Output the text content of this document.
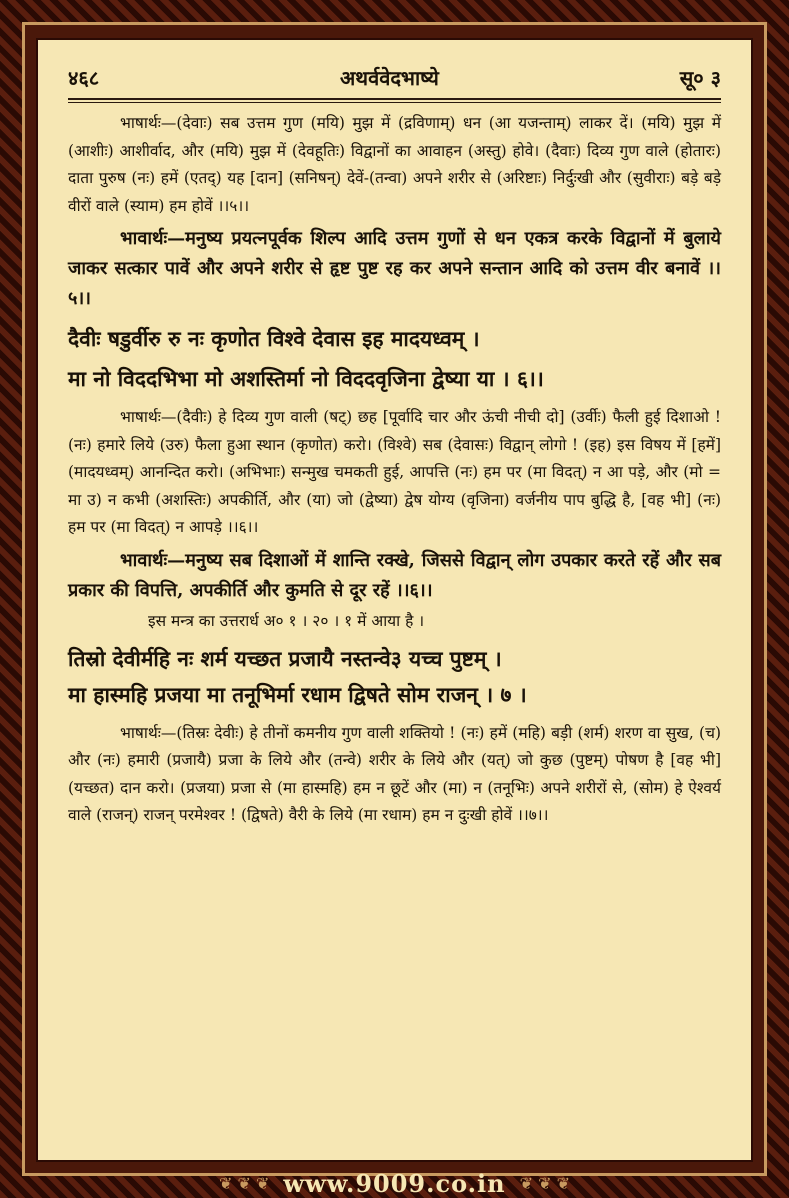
४६८	अथर्ववेदभाष्ये	सू० ३

भाषार्थः—(देवाः) सब उत्तम गुण (मयि) मुझ में (द्रविणाम्) धन (आ यजन्ताम्) लाकर दें। (मयि) मुझ में (आशीः) आशीर्वाद, और (मयि) मुझ में (देवहूतिः) विद्वानों का आवाहन (अस्तु) होवे। (दैवाः) दिव्य गुण वाले (होतारः) दाता पुरुष (नः) हमें (एतद्) यह [दान] (सनिषन्) देवें-(तन्वा) अपने शरीर से (अरिष्टाः) निर्दुःखी और (सुवीराः) बड़े बड़े वीरों वाले (स्याम) हम होवें ।।५।।

भावार्थः—मनुष्य प्रयत्नपूर्वक शिल्प आदि उत्तम गुणों से धन एकत्र करके विद्वानों में बुलाये जाकर सत्कार पावें और अपने शरीर से हृष्ट पुष्ट रह कर अपने सन्तान आदि को उत्तम वीर बनावें ।।५।।

दैवीः षडुर्वीरु रु नः कृणोत विश्वे देवास इह मादयध्वम् ।

मा नो विददभिभा मो अशस्तिर्मा नो विददवृजिना द्वेष्या या । ६।।

भाषार्थः—(दैवीः) हे दिव्य गुण वाली (षट्) छह [पूर्वादि चार और ऊंची नीची दो] (उर्वीः) फैली हुई दिशाओ ! (नः) हमारे लिये (उरु) फैला हुआ स्थान (कृणोत) करो। (विश्वे) सब (देवासः) विद्वान् लोगो ! (इह) इस विषय में [हमें] (मादयध्वम्) आनन्दित करो। (अभिभाः) सन्मुख चमकती हुई, आपत्ति (नः) हम पर (मा विदत्) न आ पड़े, और (मो = मा उ) न कभी (अशस्तिः) अपकीर्ति, और (या) जो (द्वेष्या) द्वेष योग्य (वृजिना) वर्जनीय पाप बुद्धि है, [वह भी] (नः) हम पर (मा विदत्) न आपड़े ।।६।।

भावार्थः—मनुष्य सब दिशाओं में शान्ति रक्खे, जिससे विद्वान् लोग उपकार करते रहें और सब प्रकार की विपत्ति, अपकीर्ति और कुमति से दूर रहें ।।६।।

इस मन्त्र का उत्तरार्ध अ० १ । २० । १ में आया है ।

तिस्रो देवीर्महि नः शर्म यच्छत प्रजायै नस्तन्वे३ यच्च पुष्टम् ।

मा हास्महि प्रजया मा तनूभिर्मा रधाम द्विषते सोम राजन् । ७ ।

भाषार्थः—(तिस्रः देवीः) हे तीनों कमनीय गुण वाली शक्तियो ! (नः) हमें (महि) बड़ी (शर्म) शरण वा सुख, (च) और (नः) हमारी (प्रजायै) प्रजा के लिये और (तन्वे) शरीर के लिये और (यत्) जो कुछ (पुष्टम्) पोषण है [वह भी] (यच्छत) दान करो। (प्रजया) प्रजा से (मा हास्महि) हम न छूटें और (मा) न (तनूभिः) अपने शरीरों से, (सोम) हे ऐश्वर्य वाले (राजन्) राजन् परमेश्वर ! (द्विषते) वैरी के लिये (मा रधाम) हम न दुःखी होवें ।।७।।

❦ ❦ ❦ www.9009.co.in ❦ ❦ ❦
